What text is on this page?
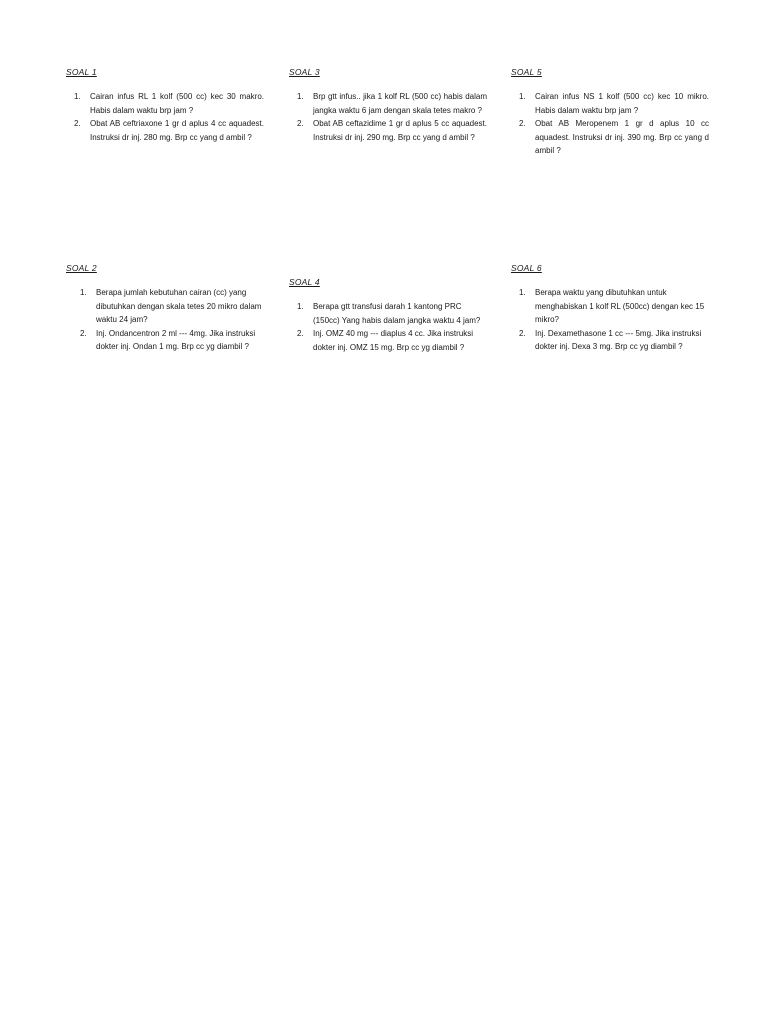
SOAL 1
1.	Cairan infus RL 1 kolf (500 cc) kec 30 makro. Habis dalam waktu brp jam ?
2.	Obat AB ceftriaxone 1 gr d aplus 4 cc aquadest. Instruksi dr inj. 280 mg. Brp cc yang d ambil ?
SOAL 3
1.	Brp gtt infus.. jika 1 kolf RL (500 cc) habis dalam jangka waktu 6 jam dengan skala tetes makro ?
2.	Obat AB ceftazidime 1 gr d aplus 5 cc aquadest. Instruksi dr inj. 290 mg. Brp cc yang d ambil ?
SOAL 5
1.	Cairan infus NS 1 kolf (500 cc) kec 10 mikro. Habis dalam waktu brp jam ?
2.	Obat AB Meropenem 1 gr d aplus 10 cc aquadest. Instruksi dr inj. 390 mg. Brp cc yang d ambil ?
SOAL 2
1.	Berapa jumlah kebutuhan cairan (cc) yang dibutuhkan dengan skala tetes 20 mikro dalam waktu 24 jam?
2.	Inj. Ondancentron 2 ml --- 4mg. Jika instruksi dokter inj. Ondan 1 mg. Brp cc yg diambil ?
SOAL 4
1.	Berapa gtt transfusi darah 1 kantong PRC (150cc) Yang habis dalam jangka waktu 4 jam?
2.	Inj. OMZ 40 mg --- diaplus 4 cc. Jika instruksi dokter inj. OMZ 15 mg. Brp cc yg diambil ?
SOAL 6
1.	Berapa waktu yang dibutuhkan untuk menghabiskan 1 kolf RL (500cc) dengan kec 15 mikro?
2.	Inj. Dexamethasone 1 cc --- 5mg. Jika instruksi dokter inj. Dexa 3 mg. Brp cc yg diambil ?
